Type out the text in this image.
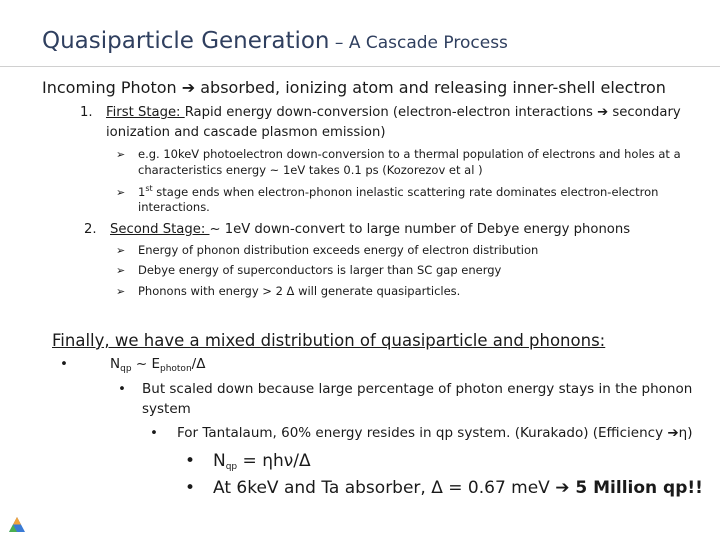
Quasiparticle Generation – A Cascade Process
Incoming Photon ➔ absorbed, ionizing atom and releasing inner-shell electron
1. First Stage: Rapid energy down-conversion (electron-electron interactions ➔ secondary
ionization and cascade plasmon emission)
➢ e.g. 10keV photoelectron down-conversion to a thermal population of electrons and holes at a
characteristics energy ~ 1eV takes 0.1 ps (Kozorezov et al )
➢ 1st stage ends when electron-phonon inelastic scattering rate dominates electron-electron
interactions.
2. Second Stage: ~ 1eV down-convert to large number of Debye energy phonons
➢ Energy of phonon distribution exceeds energy of electron distribution
➢ Debye energy of superconductors is larger than SC gap energy
➢ Phonons with energy > 2 Δ will generate quasiparticles.
Finally, we have a mixed distribution of quasiparticle and phonons:
•	$N_{qp}$ ~ $E_{photon}/\Delta$
• But scaled down because large percentage of photon energy stays in the phonon
system
• For Tantalaum, 60% energy resides in qp system. (Kurakado) (Efficiency ➔η)
• $N_{qp} = \eta h\nu/\Delta$
• At 6keV and Ta absorber, Δ = 0.67 meV ➔ 5 Million qp!!
